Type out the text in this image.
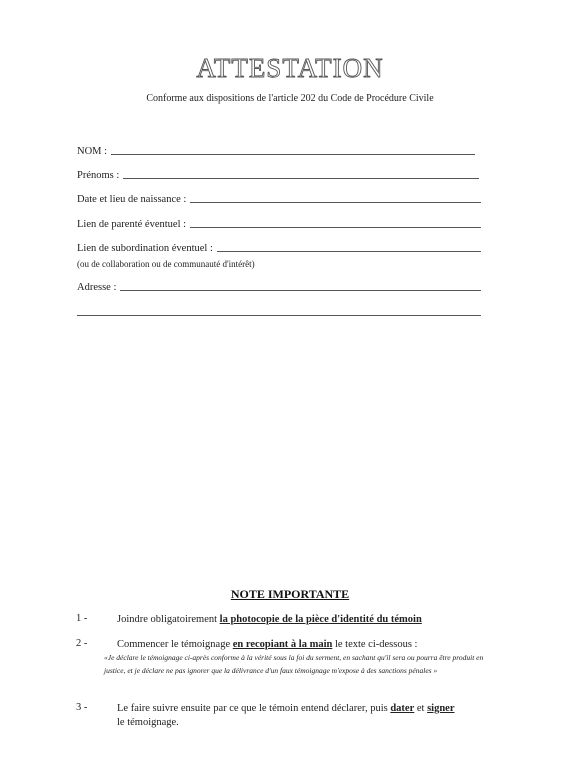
ATTESTATION
Conforme aux dispositions de l'article 202 du Code de Procédure Civile
NOM :
Prénoms :
Date et lieu de naissance :
Lien de parenté éventuel :
Lien de subordination éventuel :
(ou de collaboration ou de communauté d'intérêt)
Adresse :
NOTE IMPORTANTE
1 -	Joindre obligatoirement la photocopie de la pièce d'identité du témoin
2 -	Commencer le témoignage en recopiant à la main le texte ci-dessous :
«Je déclare le témoignage ci-après conforme à la vérité sous la foi du serment, en sachant qu'il sera ou pourra être produit en justice, et je déclare ne pas ignorer que la délivrance d'un faux témoignage m'expose à des sanctions pénales »
3 -	Le faire suivre ensuite par ce que le témoin entend déclarer, puis dater et signer le témoignage.
